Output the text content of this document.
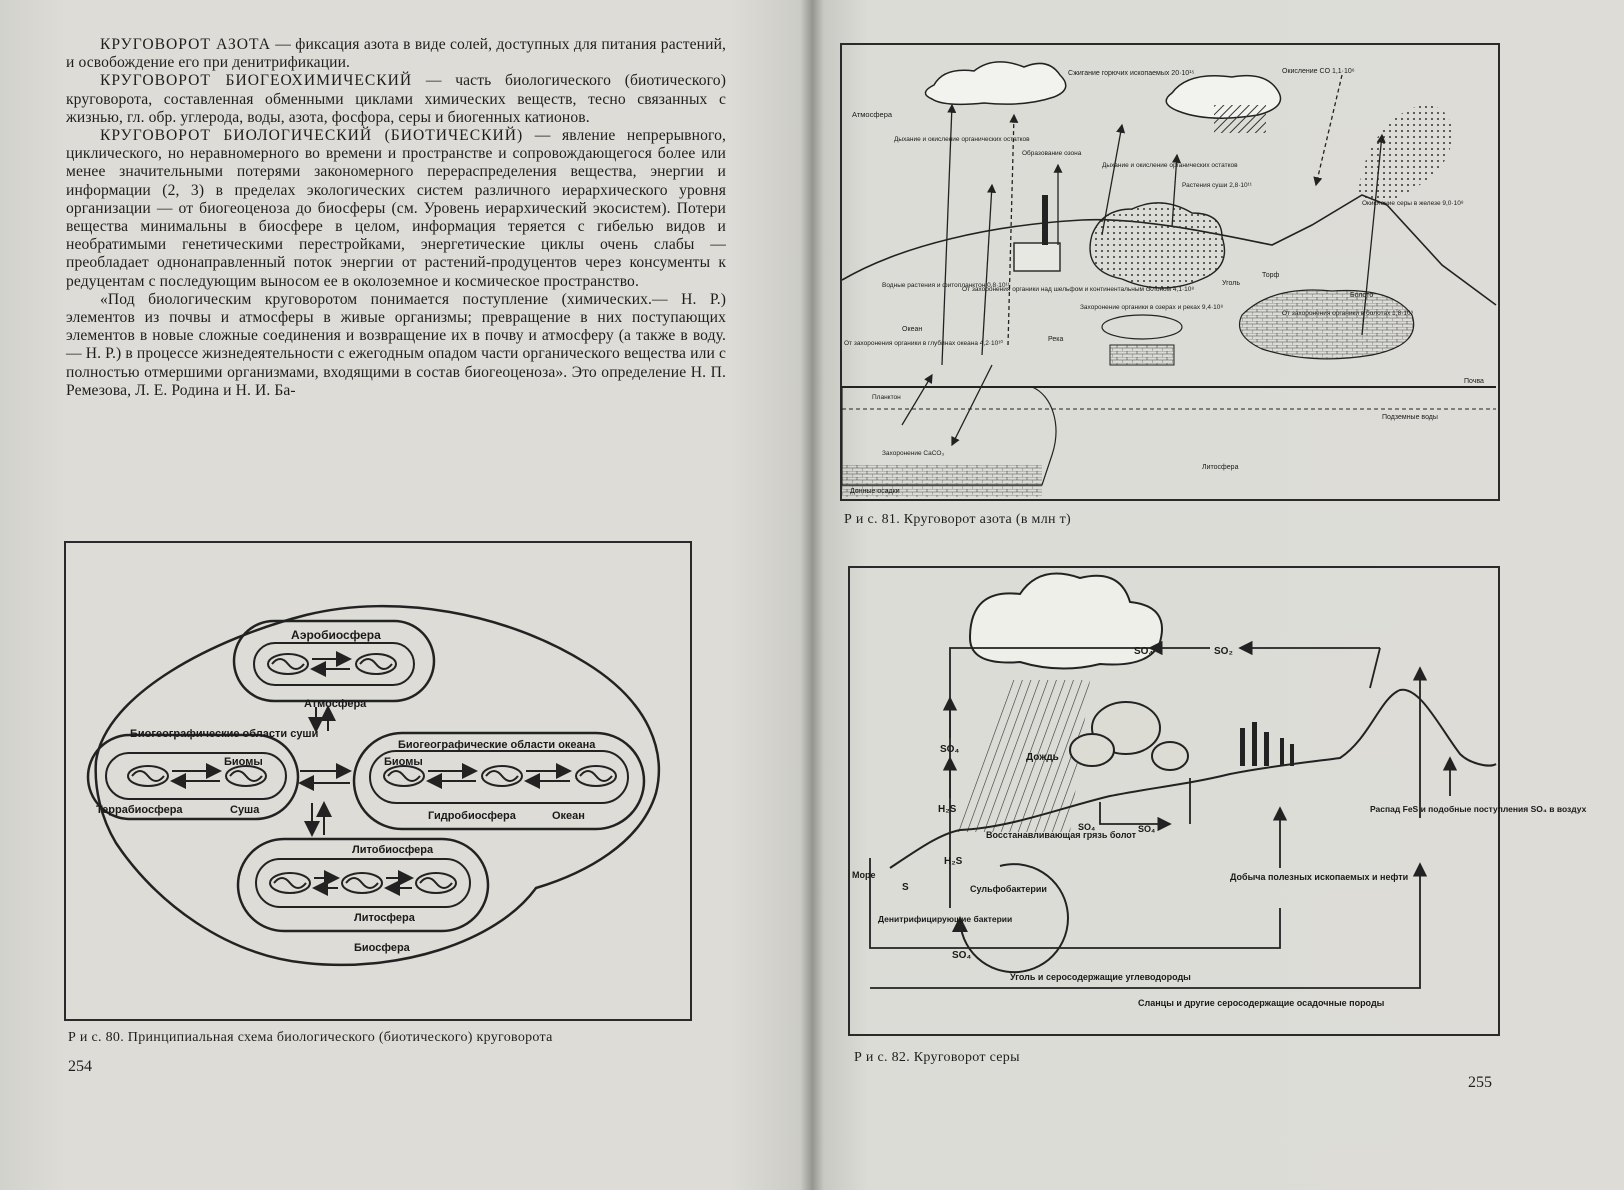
КРУГОВОРОТ АЗОТА — фиксация азота в виде солей, доступных для питания растений, и освобождение его при денитрификации.

КРУГОВОРОТ БИОГЕОХИМИЧЕСКИЙ — часть биологического (биотического) круговорота, составленная обменными циклами химических веществ, тесно связанных с жизнью, гл. обр. углерода, воды, азота, фосфора, серы и биогенных катионов.

КРУГОВОРОТ БИОЛОГИЧЕСКИЙ (БИОТИЧЕСКИЙ) — явление непрерывного, циклического, но неравномерного во времени и пространстве и сопровождающегося более или менее значительными потерями закономерного перераспределения вещества, энергии и информации (2, 3) в пределах экологических систем различного иерархического уровня организации — от биогеоценоза до биосферы (см. Уровень иерархический экосистем). Потери вещества минимальны в биосфере в целом, информация теряется с гибелью видов и необратимыми генетическими перестройками, энергетические циклы очень слабы — преобладает однонаправленный поток энергии от растений-продуцентов через консументы к редуцентам с последующим выносом ее в околоземное и космическое пространство.

«Под биологическим круговоротом понимается поступление (химических.— Н. Р.) элементов из почвы и атмосферы в живые организмы; превращение в них поступающих элементов в новые сложные соединения и возвращение их в почву и атмосферу (а также в воду.— Н. Р.) в процессе жизнедеятельности с ежегодным опадом части органического вещества или с полностью отмершими организмами, входящими в состав биогеоценоза». Это определение Н. П. Ремезова, Л. Е. Родина и Н. И. Ба-

Аэробиосфера
Атмосфера
Биогеографические области суши
Биомы
Террабиосфера	Суша
Биогеографические области океана
Биомы
Гидробиосфера	Океан
Литобиосфера
Литосфера
Биосфера
Р и с. 80. Принципиальная схема биологического (биотического) круговорота
254
Атмосфера
Сжигание горючих ископаемых 20·10¹⁵	Окисление CO 1,1·10⁶
Дыхание и окисление органических остатков
Образование озона
Дыхание и окисление органических остатков
Растения суши 2,8·10¹¹
Окисление серы в железе 9,0·10⁸
Водные растения и фитопланктон 0,8·10¹¹
От захоронения органики над шельфом и континентальным склоном 4,1·10⁸
От захоронения органики в глубинах океана 4,2·10¹⁰
Захоронение органики в озерах и реках 9,4·10⁸
От захоронения органики в болотах 1,8·10⁹
Океан
Река
Уголь
Болото
Торф
Почва
Подземные воды
Планктон
Захоронение CaCO₃
Литосфера
Донные осадки
Р и с. 81. Круговорот азота (в млн т)
SO₄	SO₂
SO₄
H₂S
Дождь
SO₄	SO₄
Восстанавливающая грязь болот
Море
H₂S
S	Сульфобактерии
Денитрифицирующие бактерии
SO₄
Добыча полезных ископаемых и нефти
Распад FeS и подобные поступления SO₄ в воздух
Уголь и серосодержащие углеводороды
Сланцы и другие серосодержащие осадочные породы
Р и с. 82. Круговорот серы
255
